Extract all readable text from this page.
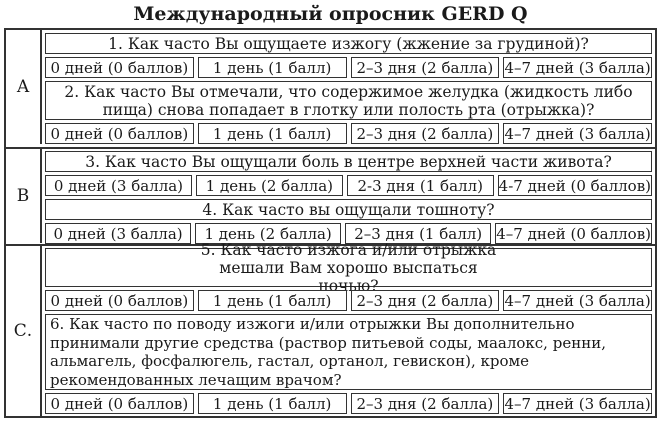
Международный опросник GERD Q
А
1. Как часто Вы ощущаете изжогу (жжение за грудиной)?
0 дней (0 баллов)	1 день (1 балл)	2–3 дня (2 балла) 4–7 дней (3 балла)
2. Как часто Вы отмечали, что содержимое желудка (жидкость либо пища) снова попадает в глотку или полость рта (отрыжка)?
0 дней (0 баллов)	1 день (1 балл)	2–3 дня (2 балла) 4–7 дней (3 балла)
B
3. Как часто Вы ощущали боль в центре верхней части живота?
0 дней (3 балла)	1 день (2 балла)	2-3 дня (1 балл)	4-7 дней (0 баллов)
4. Как часто вы ощущали тошноту?
0 дней (3 балла)	1 день (2 балла)	2–3 дня (1 балл) 4–7 дней (0 баллов)
С.
5. Как часто изжога и/или отрыжка мешали Вам хорошо выспаться ночью?
0 дней (0 баллов)	1 день (1 балл)	2–3 дня (2 балла) 4–7 дней (3 балла)
6. Как часто по поводу изжоги и/или отрыжки Вы дополнительно принимали другие средства (раствор питьевой соды, маалокс, ренни, альмагель, фосфалюгель, гастал, ортанол, гевискон), кроме рекомендованных лечащим врачом?
0 дней (0 баллов)	1 день (1 балл)	2–3 дня (2 балла) 4–7 дней (3 балла)
